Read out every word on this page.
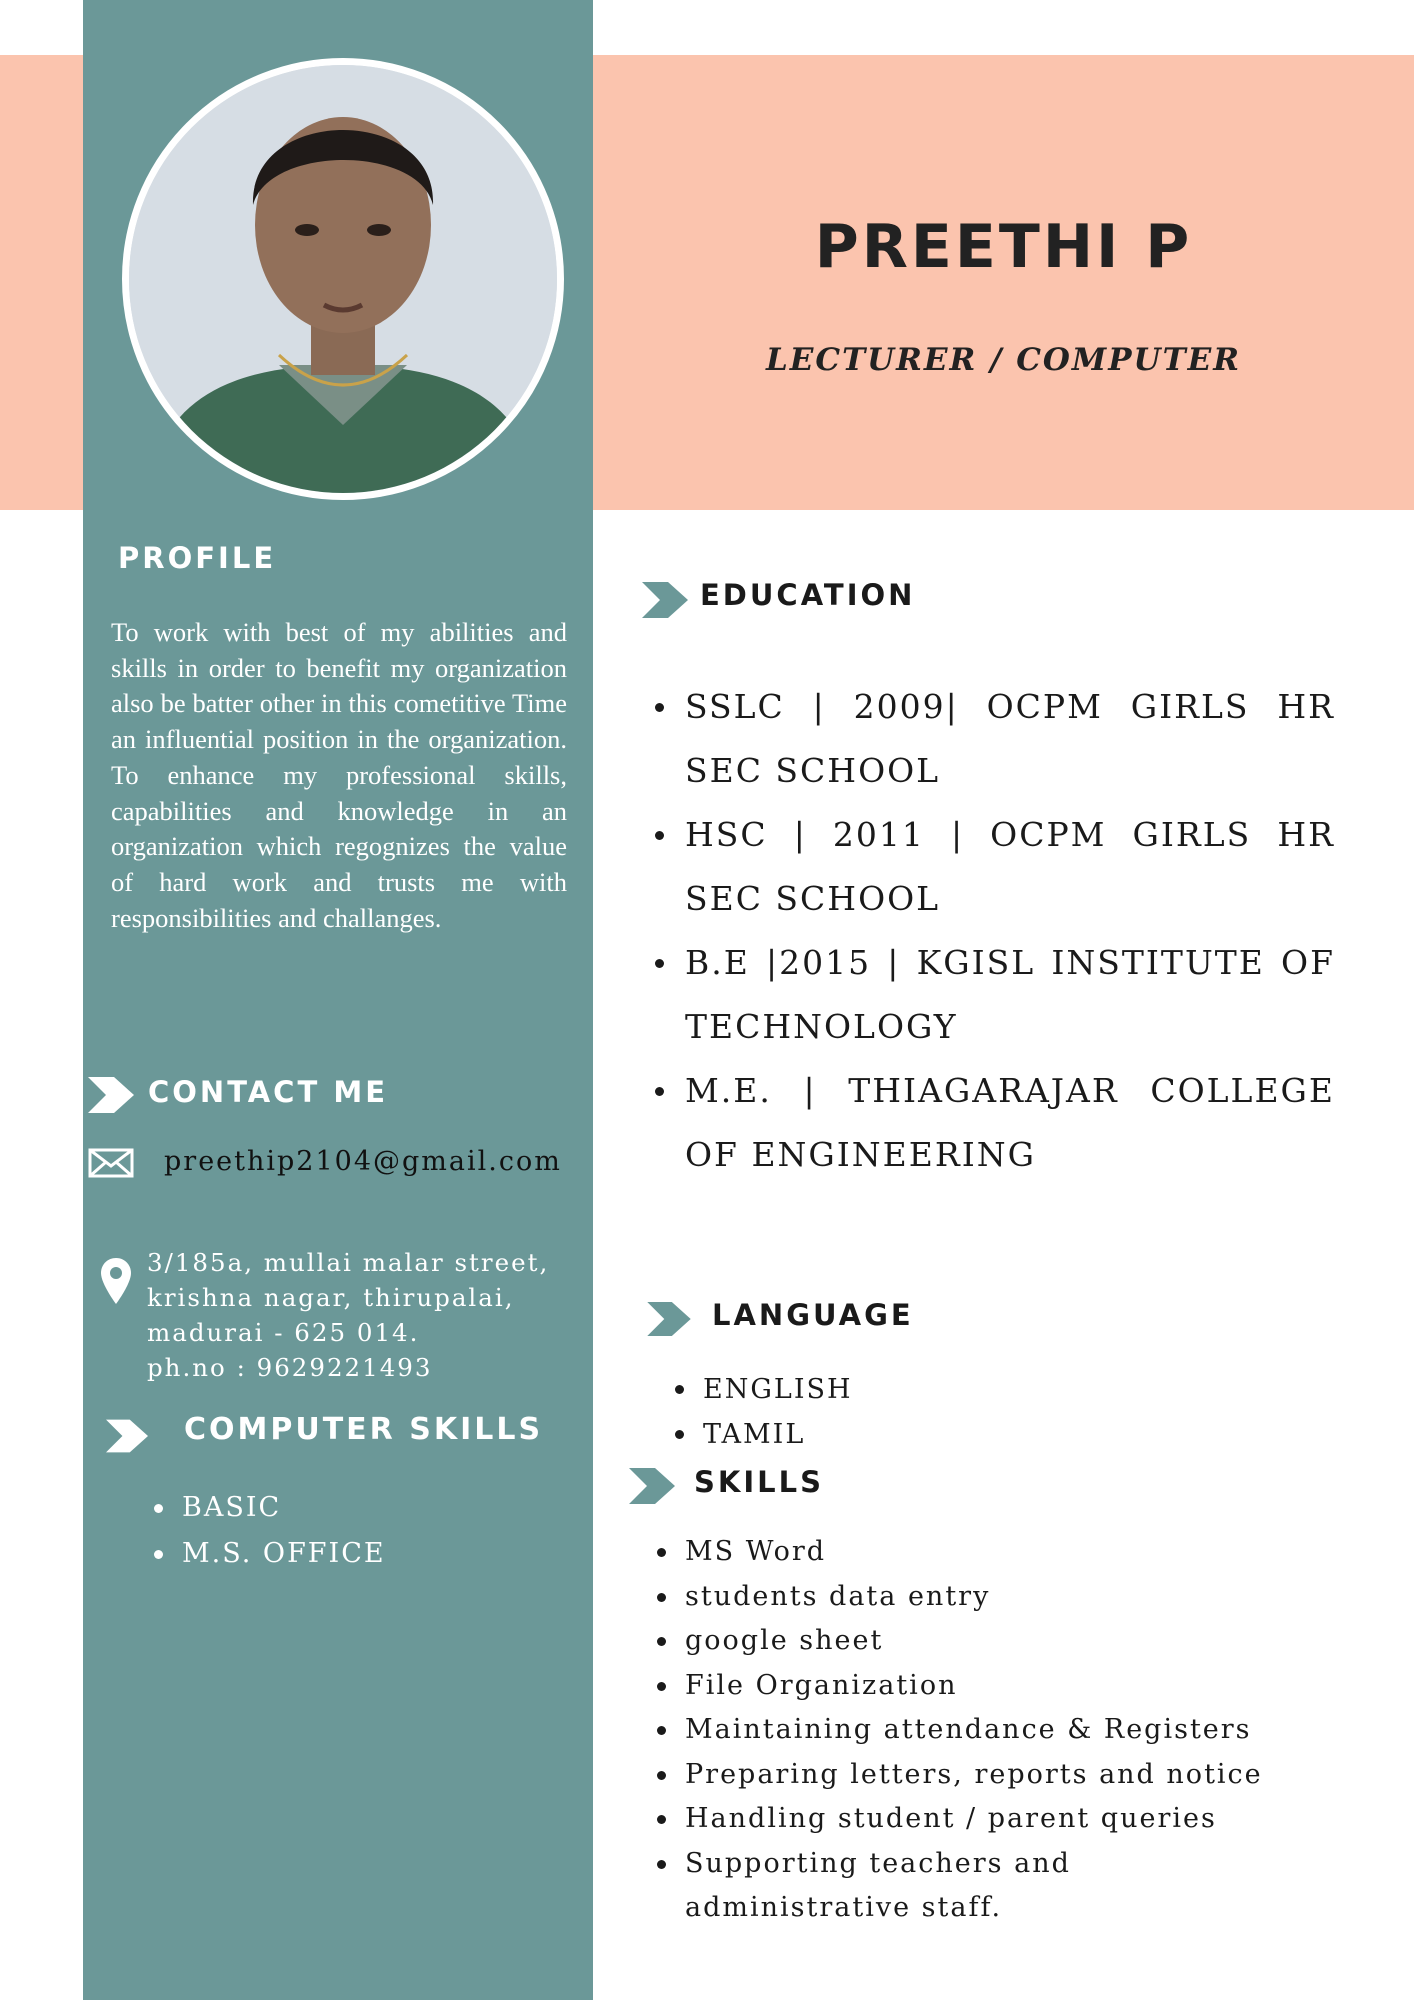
PREETHI P
LECTURER / COMPUTER
PROFILE

To work with best of my abilities and skills in order to benefit my organization also be batter other in this cometitive Time an influential position in the organization. To enhance my professional skills, capabilities and knowledge in an organization which regognizes the value of hard work and trusts me with responsibilities and challanges.

CONTACT ME
preethip2104@gmail.com
3/185a, mullai malar street,
krishna nagar, thirupalai,
madurai - 625 014.
ph.no : 9629221493
COMPUTER SKILLS
BASIC
M.S. OFFICE
EDUCATION
SSLC | 2009| OCPM GIRLS HR SEC SCHOOL
HSC | 2011 | OCPM GIRLS HR SEC SCHOOL
B.E |2015 | KGISL INSTITUTE OF TECHNOLOGY
M.E. | THIAGARAJAR COLLEGE OF ENGINEERING
LANGUAGE
ENGLISH
TAMIL
SKILLS
MS Word
students data entry
google sheet
File Organization
Maintaining attendance & Registers
Preparing letters, reports and notice
Handling student / parent queries
Supporting teachers and
administrative staff.
